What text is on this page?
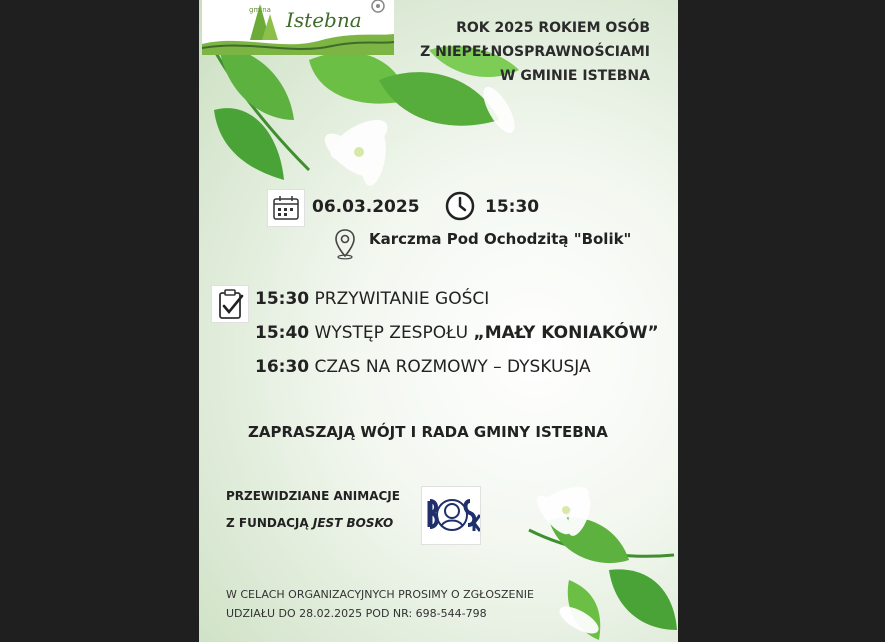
gmina Istebna	ROK 2025 ROKIEM OSÓB
Z NIEPEŁNOSPRAWNOŚCIAMI
W GMINIE ISTEBNA
06.03.2025	15:30
Karczma Pod Ochodzitą "Bolik"
15:30 PRZYWITANIE GOŚCI
15:40 WYSTĘP ZESPOŁU „MAŁY KONIAKÓW”
16:30 CZAS NA ROZMOWY – DYSKUSJA
ZAPRASZAJĄ WÓJT I RADA GMINY ISTEBNA
PRZEWIDZIANE ANIMACJE
Z FUNDACJĄ JEST BOSKO
W CELACH ORGANIZACYJNYCH PROSIMY O ZGŁOSZENIE
UDZIAŁU DO 28.02.2025 POD NR: 698-544-798
